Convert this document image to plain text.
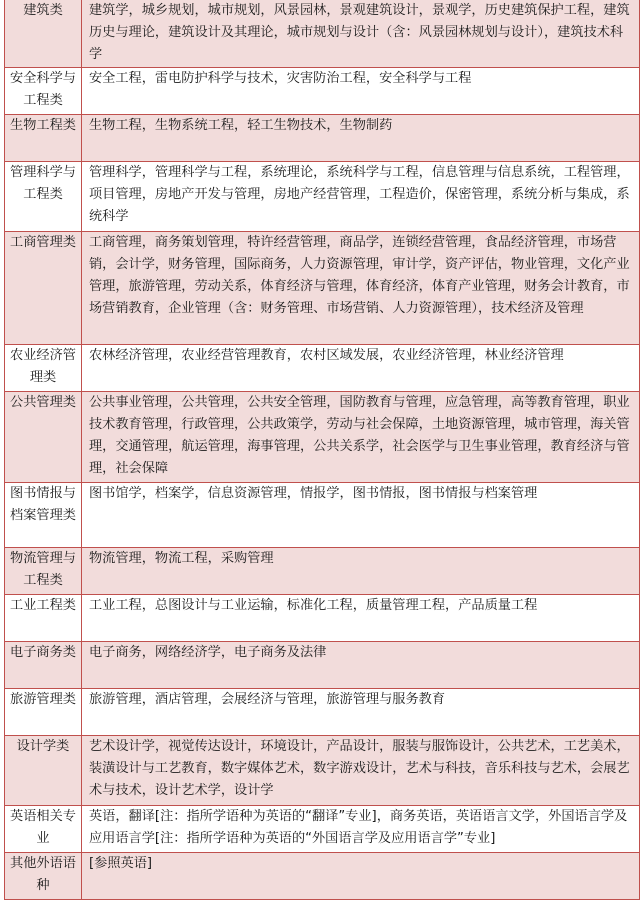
建筑类	建筑学，城乡规划，城市规划，风景园林，景观建筑设计，景观学，历史建筑保护工程，建筑历史与理论，建筑设计及其理论，城市规划与设计（含：风景园林规划与设计），建筑技术科学
安全科学与工程类	安全工程，雷电防护科学与技术，灾害防治工程，安全科学与工程
生物工程类	生物工程，生物系统工程，轻工生物技术，生物制药
管理科学与工程类	管理科学，管理科学与工程，系统理论，系统科学与工程，信息管理与信息系统，工程管理，项目管理，房地产开发与管理，房地产经营管理，工程造价，保密管理，系统分析与集成，系统科学
工商管理类	工商管理，商务策划管理，特许经营管理，商品学，连锁经营管理，食品经济管理，市场营销，会计学，财务管理，国际商务，人力资源管理，审计学，资产评估，物业管理，文化产业管理，旅游管理，劳动关系，体育经济与管理，体育经济，体育产业管理，财务会计教育，市场营销教育，企业管理（含：财务管理、市场营销、人力资源管理），技术经济及管理
农业经济管理类	农林经济管理，农业经营管理教育，农村区域发展，农业经济管理，林业经济管理
公共管理类	公共事业管理，公共管理，公共安全管理，国防教育与管理，应急管理，高等教育管理，职业技术教育管理，行政管理，公共政策学，劳动与社会保障，土地资源管理，城市管理，海关管理，交通管理，航运管理，海事管理，公共关系学，社会医学与卫生事业管理，教育经济与管理，社会保障
图书情报与档案管理类	图书馆学，档案学，信息资源管理，情报学，图书情报，图书情报与档案管理
物流管理与工程类	物流管理，物流工程，采购管理
工业工程类	工业工程，总图设计与工业运输，标准化工程，质量管理工程，产品质量工程
电子商务类	电子商务，网络经济学，电子商务及法律
旅游管理类	旅游管理，酒店管理，会展经济与管理，旅游管理与服务教育
设计学类	艺术设计学，视觉传达设计，环境设计，产品设计，服装与服饰设计，公共艺术，工艺美术，装潢设计与工艺教育，数字媒体艺术，数字游戏设计，艺术与科技，音乐科技与艺术，会展艺术与技术，设计艺术学，设计学
英语相关专业	英语，翻译[注：指所学语种为英语的“翻译”专业]，商务英语，英语语言文学，外国语言学及应用语言学[注：指所学语种为英语的“外国语言学及应用语言学”专业]
其他外语语种	[参照英语]
